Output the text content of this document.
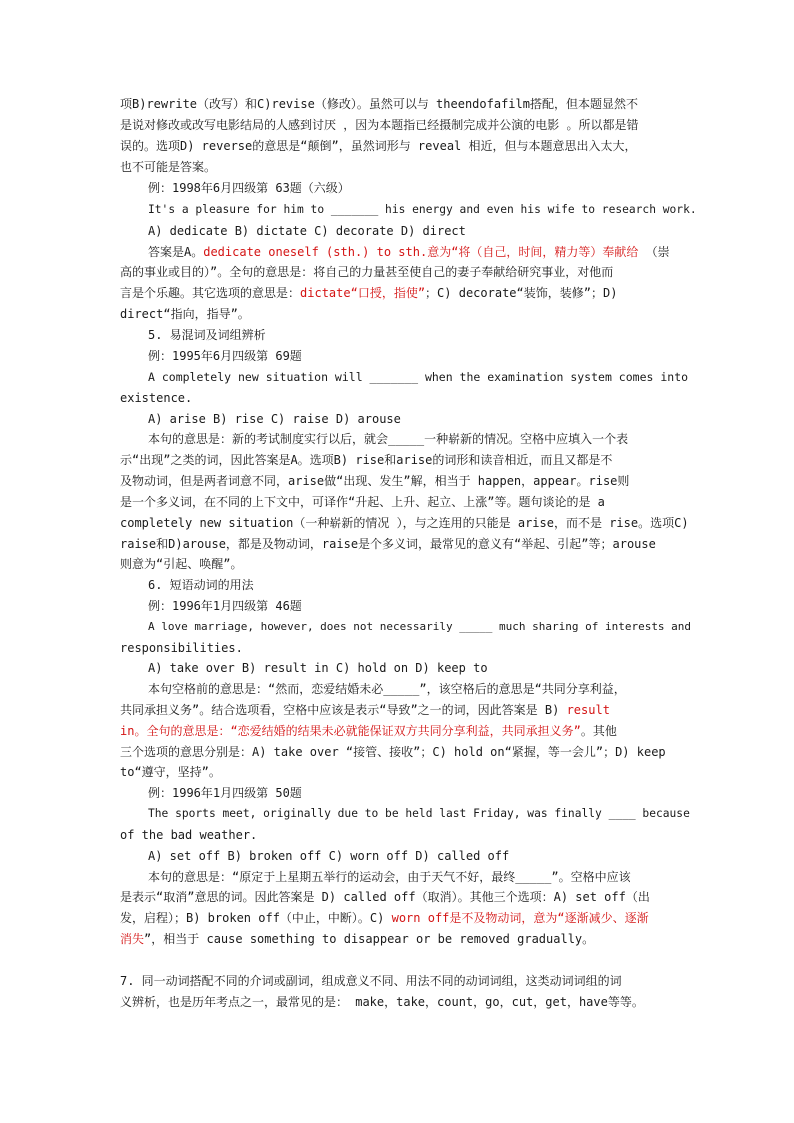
项B)rewrite（改写）和C)revise（修改）。虽然可以与 theendofafilm搭配，但本题显然不
是说对修改或改写电影结局的人感到讨厌 ，因为本题指已经摄制完成并公演的电影 。所以都是错
误的。选项D) reverse的意思是“颠倒”，虽然词形与 reveal 相近，但与本题意思出入太大，
也不可能是答案。
例：1998年6月四级第 63题（六级）
It's a pleasure for him to _______ his energy and even his wife to research work.
A) dedicate B) dictate C) decorate D) direct
答案是A。dedicate oneself (sth.) to sth.意为“将（自己，时间，精力等）奉献给 （崇
高的事业或目的）”。全句的意思是：将自己的力量甚至使自己的妻子奉献给研究事业，对他而
言是个乐趣。其它选项的意思是：dictate“口授，指使”；C) decorate“装饰，装修”；D)
direct“指向，指导”。
5. 易混词及词组辨析
例：1995年6月四级第 69题
A completely new situation will _______ when the examination system comes into
existence.
A) arise B) rise C) raise D) arouse
本句的意思是：新的考试制度实行以后，就会_____一种崭新的情况。空格中应填入一个表
示“出现”之类的词，因此答案是A。选项B) rise和arise的词形和读音相近，而且又都是不
及物动词，但是两者词意不同，arise做“出现、发生”解，相当于 happen，appear。rise则
是一个多义词，在不同的上下文中，可译作“升起、上升、起立、上涨”等。题句谈论的是 a
completely new situation（一种崭新的情况 ），与之连用的只能是 arise，而不是 rise。选项C)
raise和D)arouse，都是及物动词，raise是个多义词，最常见的意义有“举起、引起”等；arouse
则意为“引起、唤醒”。
6. 短语动词的用法
例：1996年1月四级第 46题
A love marriage, however, does not necessarily _____ much sharing of interests and
responsibilities.
A) take over B) result in C) hold on D) keep to
本句空格前的意思是：“然而，恋爱结婚未必_____”，该空格后的意思是“共同分享利益，
共同承担义务”。结合选项看，空格中应该是表示“导致”之一的词，因此答案是 B) result
in。全句的意思是：“恋爱结婚的结果未必就能保证双方共同分享利益，共同承担义务”。其他
三个选项的意思分别是：A) take over “接管、接收”；C) hold on“紧握，等一会儿”；D) keep
to“遵守，坚持”。
例：1996年1月四级第 50题
The sports meet, originally due to be held last Friday, was finally ____ because
of the bad weather.
A) set off B) broken off C) worn off D) called off
本句的意思是：“原定于上星期五举行的运动会，由于天气不好，最终_____”。空格中应该
是表示“取消”意思的词。因此答案是 D) called off（取消）。其他三个选项：A) set off（出
发，启程）；B) broken off（中止，中断）。C) worn off是不及物动词，意为“逐渐减少、逐渐
消失”，相当于 cause something to disappear or be removed gradually。
7. 同一动词搭配不同的介词或副词，组成意义不同、用法不同的动词词组，这类动词词组的词
义辨析，也是历年考点之一，最常见的是： make，take，count，go，cut，get，have等等。
